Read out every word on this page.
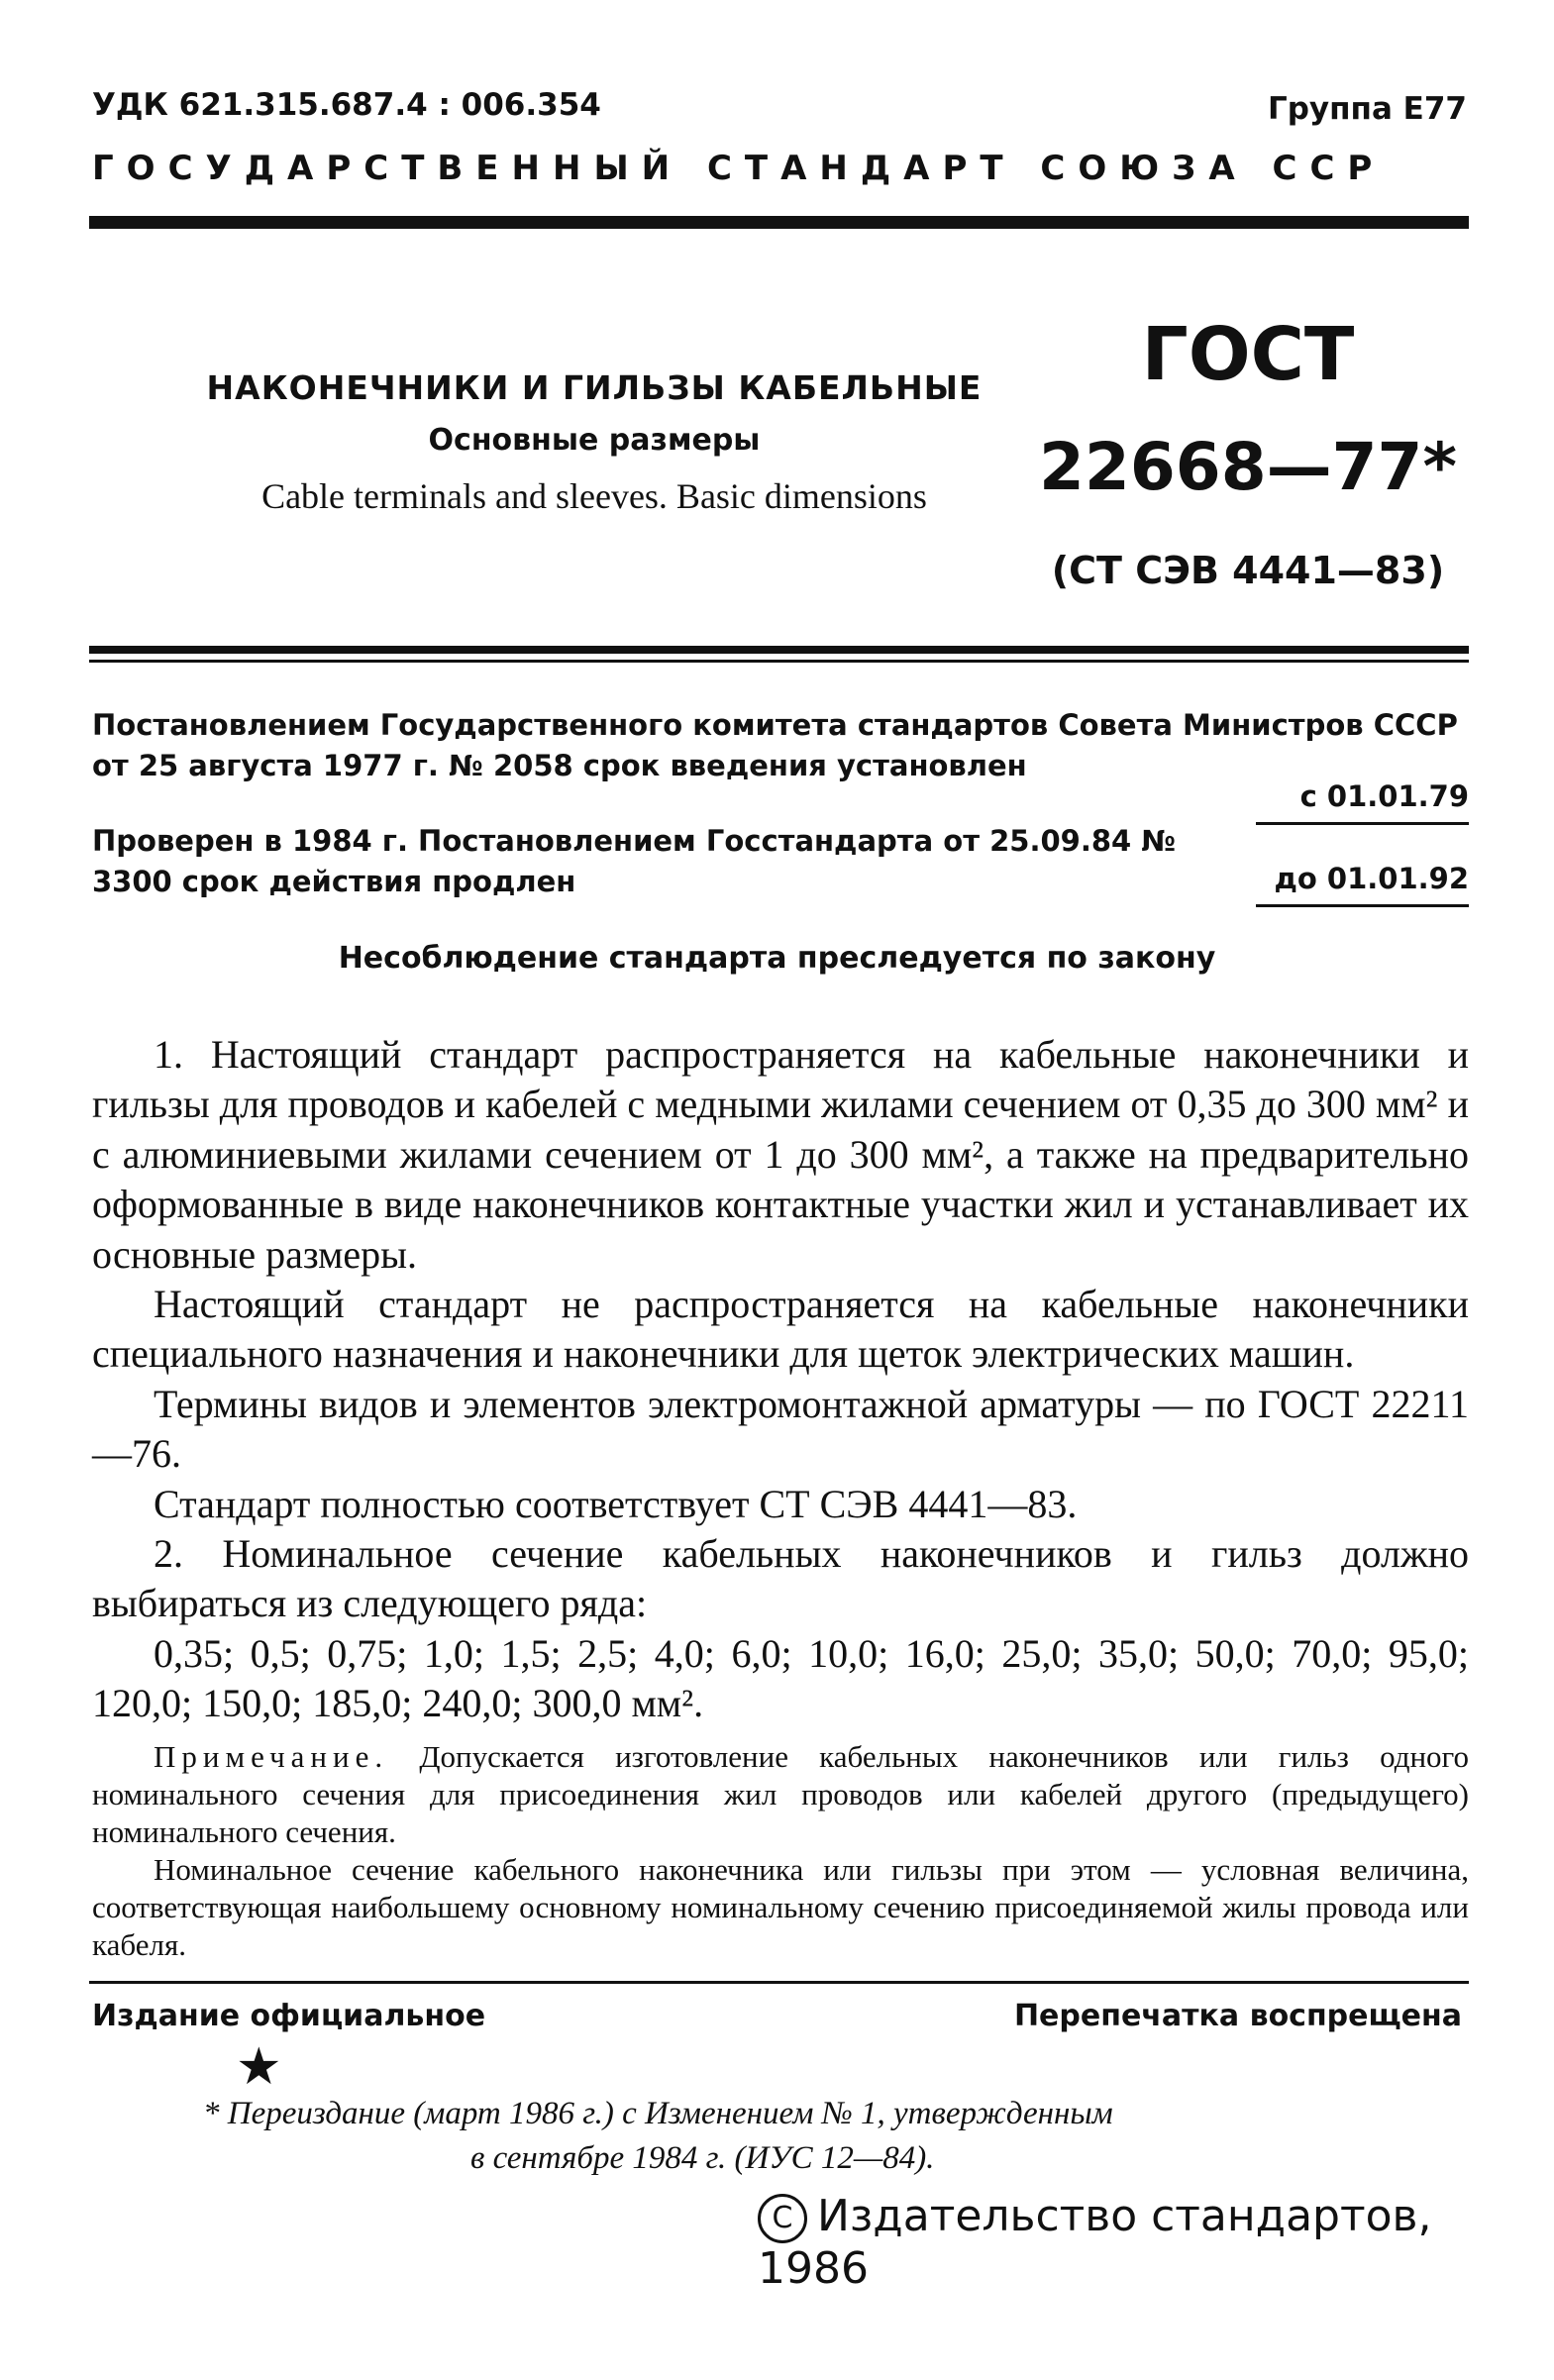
УДК 621.315.687.4 : 006.354	Группа Е77
ГОСУДАРСТВЕННЫЙ СТАНДАРТ СОЮЗА ССР
НАКОНЕЧНИКИ И ГИЛЬЗЫ КАБЕЛЬНЫЕ
Основные размеры
Cable terminals and sleeves. Basic dimensions
ГОСТ
22668—77*
(СТ СЭВ 4441—83)
Постановлением Государственного комитета стандартов Совета Министров СССР от 25 августа 1977 г. № 2058 срок введения установлен
с 01.01.79
Проверен в 1984 г. Постановлением Госстандарта от 25.09.84 № 3300 срок действия продлен	до 01.01.92
Несоблюдение стандарта преследуется по закону

1. Настоящий стандарт распространяется на кабельные наконечники и гильзы для проводов и кабелей с медными жилами сечением от 0,35 до 300 мм² и с алюминиевыми жилами сечением от 1 до 300 мм², а также на предварительно оформованные в виде наконечников контактные участки жил и устанавливает их основные размеры.

Настоящий стандарт не распространяется на кабельные наконечники специального назначения и наконечники для щеток электрических машин.

Термины видов и элементов электромонтажной арматуры — по ГОСТ 22211—76.

Стандарт полностью соответствует СТ СЭВ 4441—83.

2. Номинальное сечение кабельных наконечников и гильз должно выбираться из следующего ряда:

0,35; 0,5; 0,75; 1,0; 1,5; 2,5; 4,0; 6,0; 10,0; 16,0; 25,0; 35,0; 50,0; 70,0; 95,0; 120,0; 150,0; 185,0; 240,0; 300,0 мм².

Примечание. Допускается изготовление кабельных наконечников или гильз одного номинального сечения для присоединения жил проводов или кабелей другого (предыдущего) номинального сечения.

Номинальное сечение кабельного наконечника или гильзы при этом — условная величина, соответствующая наибольшему основному номинальному сечению присоединяемой жилы провода или кабеля.

Издание официальное	Перепечатка воспрещена
★
* Переиздание (март 1986 г.) с Изменением № 1, утвержденным
в сентябре 1984 г. (ИУС 12—84).
C Издательство стандартов, 1986
